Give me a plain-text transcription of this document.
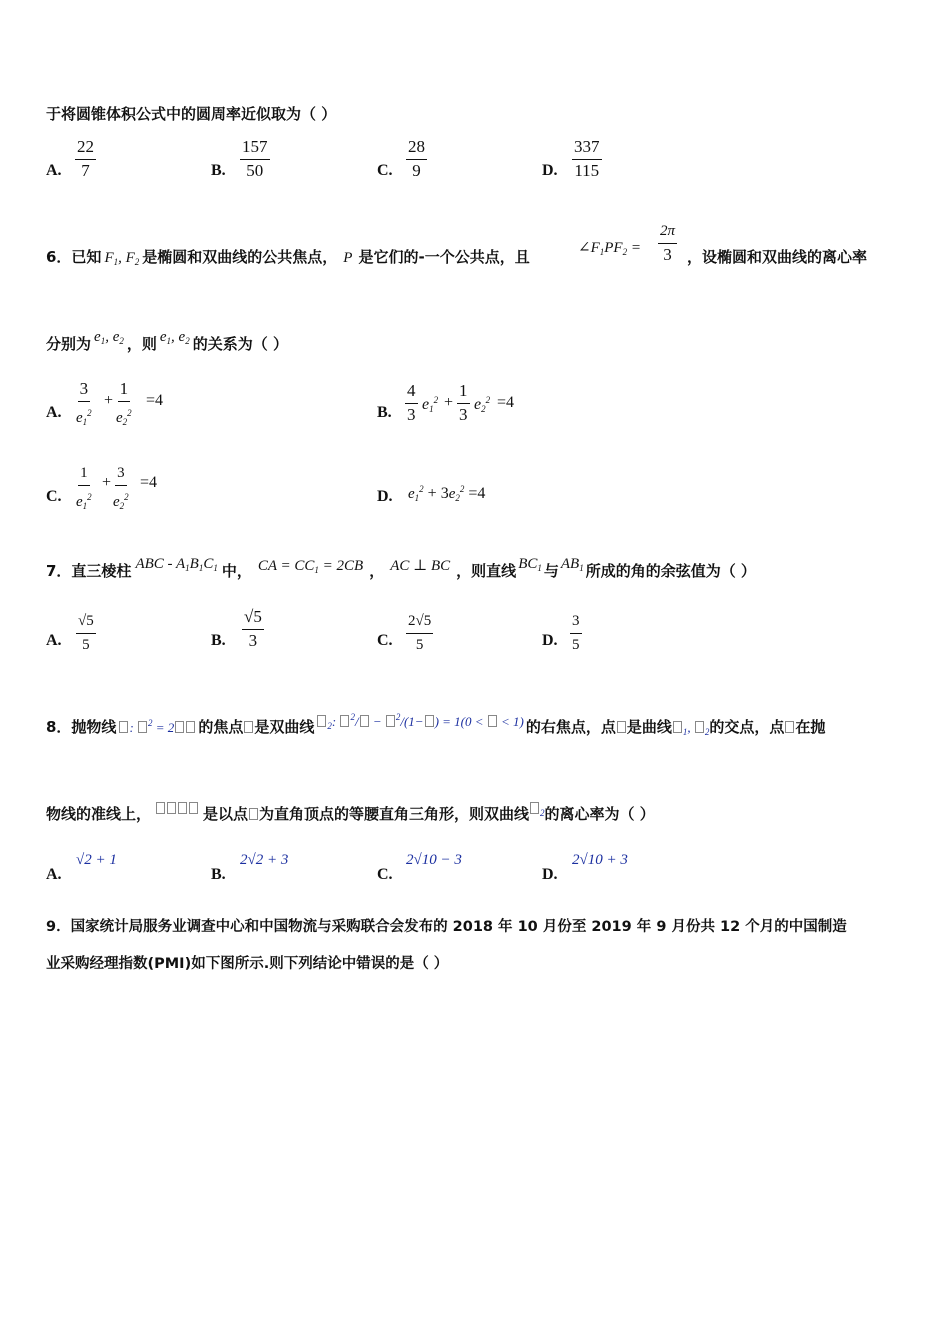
于将圆锥体积公式中的圆周率近似取为（ ）
A. $\frac{22}{7}$	B. $\frac{157}{50}$	C. $\frac{28}{9}$	D. $\frac{337}{115}$
6．已知 $F_1$, $F_2$ 是椭圆和双曲线的公共焦点， P 是它们的-一个公共点，且	$\angle F_1PF_2 = \frac{2\pi}{3}$ ，设椭圆和双曲线的离心率
分别为 $e_1$, $e_2$ ，则 $e_1$, $e_2$ 的关系为（ ）
A. $\frac{3}{e_1^2} + \frac{1}{e_2^2} =4$
B. $\frac{4}{3} e_1^2 + \frac{1}{3} e_2^2 =4$
C. $\frac{1}{e_1^2} + \frac{3}{e_2^2} =4$
D. $e_1^2 + 3e_2^2 =4$
7．直三棱柱 ABC - $A_1B_1C_1$ 中， CA = $CC_1 = 2CB$ ， AC ⊥ BC ，则直线 $BC_1$ 与 $AB_1$ 所成的角的余弦值为（ ）
A. $\frac{√5}{5}$	B. $\frac{√5}{3}$	C. $\frac{2√5}{5}$	D. $\frac{3}{5}$
8．抛物线 : $^2$ = 2 的焦点 是双曲线 $_2$: $^2$/ − $^2$/(1− ) = 1(0 <  < 1) 的右焦点，点 是曲线 $_1$, $_2$的交点，点 在抛
物线的准线上，	是以点 为直角顶点的等腰直角三角形，则双曲线 $_2$的离心率为（ ）
A.
√2 + 1
B.
2√2 + 3
C.
2√10 − 3
D.
2√10 + 3
9．国家统计局服务业调查中心和中国物流与采购联合会发布的 2018 年 10 月份至 2019 年 9 月份共 12 个月的中国制造
业采购经理指数(PMI)如下图所示.则下列结论中错误的是（ ）
